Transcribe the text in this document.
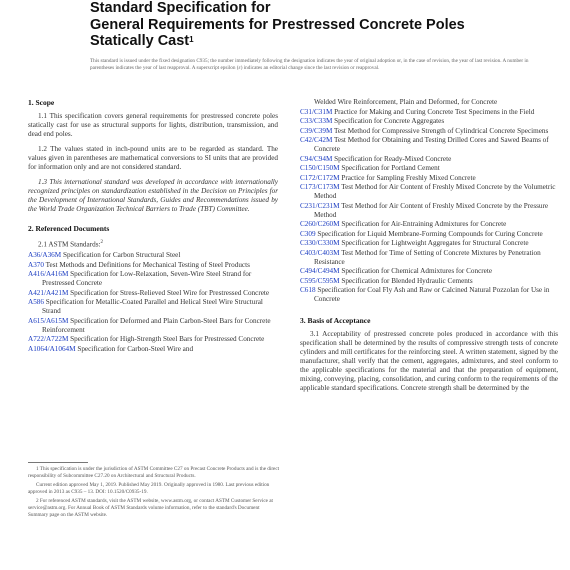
Standard Specification for
General Requirements for Prestressed Concrete Poles
Statically Cast$^1$
This standard is issued under the fixed designation C935; the number immediately following the designation indicates the year of original adoption or, in the case of revision, the year of last revision. A number in parentheses indicates the year of last reapproval. A superscript epsilon (ε) indicates an editorial change since the last revision or reapproval.
1. Scope

1.1 This specification covers general requirements for prestressed concrete poles statically cast for use as structural supports for lights, distribution, transmission, and dead end poles.

1.2 The values stated in inch-pound units are to be regarded as standard. The values given in parentheses are mathematical conversions to SI units that are provided for information only and are not considered standard.

1.3 This international standard was developed in accordance with internationally recognized principles on standardization established in the Decision on Principles for the Development of International Standards, Guides and Recommendations issued by the World Trade Organization Technical Barriers to Trade (TBT) Committee.

2. Referenced Documents
2.1 ASTM Standards:$^2$
A36/A36M Specification for Carbon Structural Steel
A370 Test Methods and Definitions for Mechanical Testing of Steel Products
A416/A416M Specification for Low-Relaxation, Seven-Wire Steel Strand for Prestressed Concrete
A421/A421M Specification for Stress-Relieved Steel Wire for Prestressed Concrete
A586 Specification for Metallic-Coated Parallel and Helical Steel Wire Structural Strand
A615/A615M Specification for Deformed and Plain Carbon-Steel Bars for Concrete Reinforcement
A722/A722M Specification for High-Strength Steel Bars for Prestressed Concrete
A1064/A1064M Specification for Carbon-Steel Wire and
Welded Wire Reinforcement, Plain and Deformed, for Concrete
C31/C31M Practice for Making and Curing Concrete Test Specimens in the Field
C33/C33M Specification for Concrete Aggregates
C39/C39M Test Method for Compressive Strength of Cylindrical Concrete Specimens
C42/C42M Test Method for Obtaining and Testing Drilled Cores and Sawed Beams of Concrete
C94/C94M Specification for Ready-Mixed Concrete
C150/C150M Specification for Portland Cement
C172/C172M Practice for Sampling Freshly Mixed Concrete
C173/C173M Test Method for Air Content of Freshly Mixed Concrete by the Volumetric Method
C231/C231M Test Method for Air Content of Freshly Mixed Concrete by the Pressure Method
C260/C260M Specification for Air-Entraining Admixtures for Concrete
C309 Specification for Liquid Membrane-Forming Compounds for Curing Concrete
C330/C330M Specification for Lightweight Aggregates for Structural Concrete
C403/C403M Test Method for Time of Setting of Concrete Mixtures by Penetration Resistance
C494/C494M Specification for Chemical Admixtures for Concrete
C595/C595M Specification for Blended Hydraulic Cements
C618 Specification for Coal Fly Ash and Raw or Calcined Natural Pozzolan for Use in Concrete
3. Basis of Acceptance

3.1 Acceptability of prestressed concrete poles produced in accordance with this specification shall be determined by the results of compressive strength tests of concrete cylinders and mill certificates for the reinforcing steel. A written statement, signed by the manufacturer, shall verify that the cement, aggregates, admixtures, and steel conform to the applicable specifications for the material and that the preparation of equipment, mixing, conveying, placing, consolidation, and curing conform to the requirements of the applicable standard specifications. Concrete strength shall be determined by the

1 This specification is under the jurisdiction of ASTM Committee C27 on Precast Concrete Products and is the direct responsibility of Subcommittee C27.20 on Architectural and Structural Products.

Current edition approved May 1, 2019. Published May 2019. Originally approved in 1980. Last previous edition approved in 2013 as C935 – 13. DOI: 10.1520/C0935-19.

2 For referenced ASTM standards, visit the ASTM website, www.astm.org, or contact ASTM Customer Service at service@astm.org. For Annual Book of ASTM Standards volume information, refer to the standard's Document Summary page on the ASTM website.
